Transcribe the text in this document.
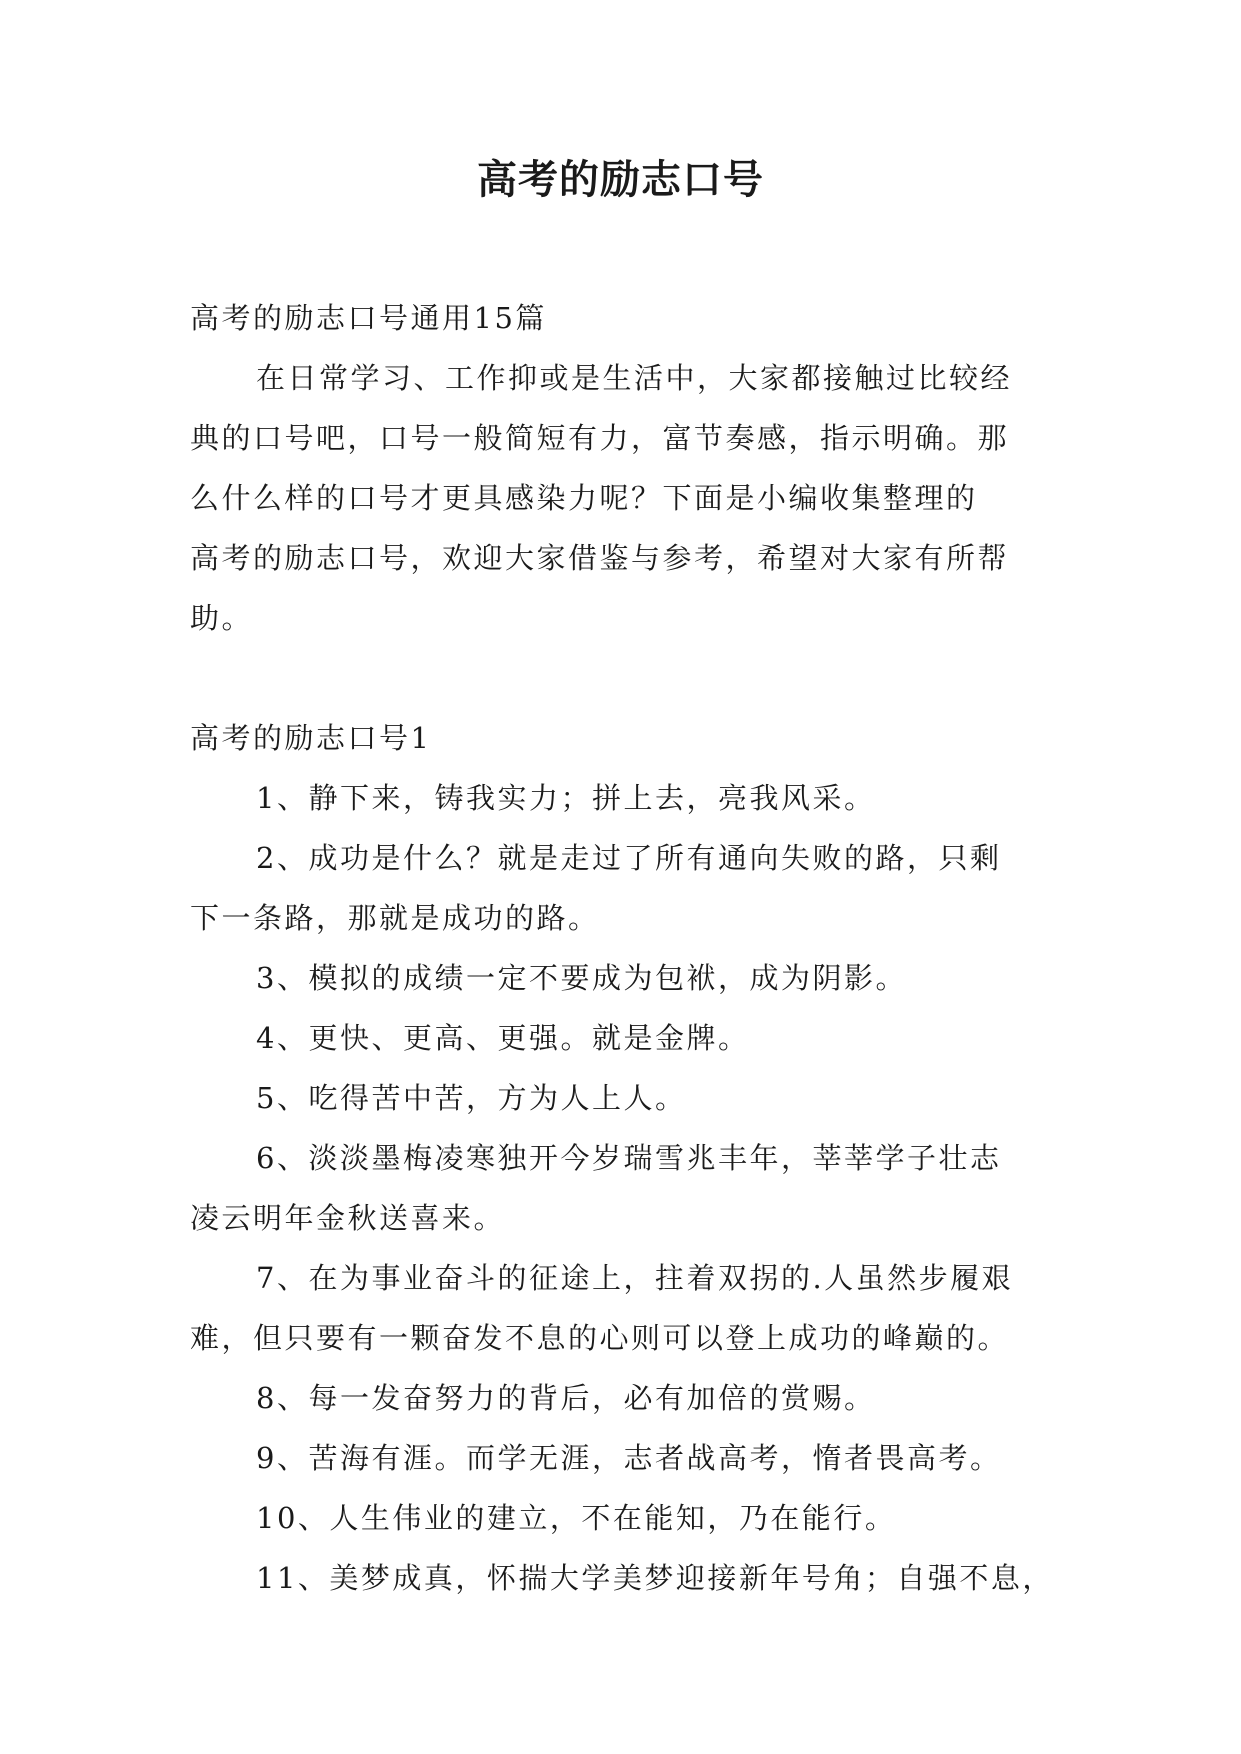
高考的励志口号
高考的励志口号通用15篇
在日常学习、工作抑或是生活中，大家都接触过比较经
典的口号吧，口号一般简短有力，富节奏感，指示明确。那
么什么样的口号才更具感染力呢？下面是小编收集整理的
高考的励志口号，欢迎大家借鉴与参考，希望对大家有所帮
助。
高考的励志口号1
1、静下来，铸我实力；拼上去，亮我风采。
2、成功是什么？就是走过了所有通向失败的路，只剩
下一条路，那就是成功的路。
3、模拟的成绩一定不要成为包袱，成为阴影。
4、更快、更高、更强。就是金牌。
5、吃得苦中苦，方为人上人。
6、淡淡墨梅凌寒独开今岁瑞雪兆丰年，莘莘学子壮志
凌云明年金秋送喜来。
7、在为事业奋斗的征途上，拄着双拐的.人虽然步履艰
难，但只要有一颗奋发不息的心则可以登上成功的峰巅的。
8、每一发奋努力的背后，必有加倍的赏赐。
9、苦海有涯。而学无涯，志者战高考，惰者畏高考。
10、人生伟业的建立，不在能知，乃在能行。
11、美梦成真，怀揣大学美梦迎接新年号角；自强不息，
